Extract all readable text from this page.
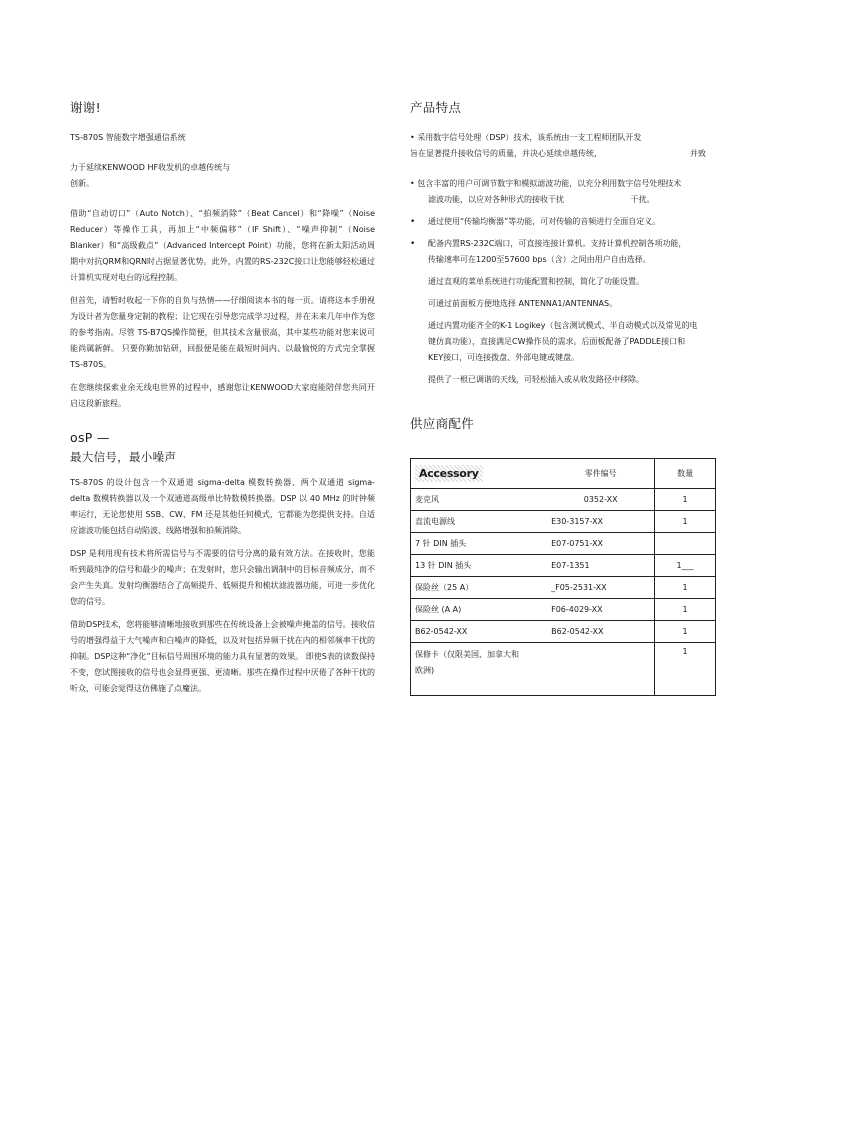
谢谢!

TS-870S 智能数字增强通信系统

力于延续KENWOOD HF收发机的卓越传统与

创新。

借助“自动切口”（Auto Notch）、“拍频消除”（Beat Cancel）和“降噪”（Noise Reducer）等操作工具，再加上“中频偏移”（IF Shift）、“噪声抑制”（Noise Blanker）和“高级截点”（Advanced Intercept Point）功能，您将在新太阳活动周期中对抗QRM和QRN时占据显著优势。此外，内置的RS-232C接口让您能够轻松通过计算机实现对电台的远程控制。

但首先，请暂时收起一下你的自负与热情——仔细阅读本书的每一页。请将这本手册视为设计者为您量身定制的教程；让它现在引导您完成学习过程，并在未来几年中作为您的参考指南。尽管 TS-B7QS操作简便，但其技术含量很高，其中某些功能对您来说可能尚属新鲜。 只要你勤加钻研，回报便是能在最短时间内、以最愉悦的方式完全掌握 TS-870S。

在您继续探索业余无线电世界的过程中，感谢您让KENWOOD大家庭能陪伴您共同开启这段新旅程。

osP —
最大信号，最小噪声

TS-870S 的设计包含一个双通道 sigma-delta 模数转换器、两个双通道 sigma-delta 数模转换器以及一个双通道高级单比特数模转换器。DSP 以 40 MHz 的时钟频率运行，无论您使用 SSB、CW、FM 还是其他任何模式，它都能为您提供支持。自适应滤波功能包括自动陷波、线路增强和拍频消除。

DSP 是利用现有技术将所需信号与不需要的信号分离的最有效方法。在接收时，您能听到最纯净的信号和最少的噪声；在发射时，您只会输出调制中的目标音频成分，而不会产生失真。发射均衡器结合了高频提升、低频提升和梳状滤波器功能，可进一步优化您的信号。

借助DSP技术，您将能够清晰地接收到那些在传统设备上会被噪声掩盖的信号。接收信号的增强得益于大气噪声和白噪声的降低，以及对包括异频干扰在内的相邻频率干扰的抑制。DSP这种“净化”目标信号周围环境的能力具有显著的效果。 即使S表的读数保持不变，您试图接收的信号也会显得更强、更清晰。那些在操作过程中厌倦了各种干扰的听众，可能会觉得这仿佛施了点魔法。

产品特点

• 采用数字信号处理（DSP）技术，该系统由一支工程师团队开发

旨在显著提升接收信号的质量，并决心延续卓越传统，	并致

• 包含丰富的用户可调节数字和模拟滤波功能，以充分利用数字信号处理技术

滤波功能，以应对各种形式的接收干扰	干扰。

•	通过使用“传输均衡器”等功能，可对传输的音频进行全面自定义。

•	配备内置RS-232C端口，可直接连接计算机。支持计算机控制各项功能，

传输速率可在1200至57600 bps（含）之间由用户自由选择。

通过直观的菜单系统进行功能配置和控制，简化了功能设置。

可通过前面板方便地选择 ANTENNA1/ANTENNAS。

通过内置功能齐全的K-1 Logikey（包含测试模式、半自动模式以及常见的电

键仿真功能），直接满足CW操作员的需求。后面板配备了PADDLE接口和

KEY接口，可连接拨盘、外部电键或键盘。

提供了一根已调谐的天线，可轻松插入或从收发路径中移除。

供应商配件
Accessory	零件编号	数量
麦克风	0352-XX	1
直流电源线	E30-3157-XX	1
7 针 DIN 插头	E07-0751-XX	
13 针 DIN 插头	E07-1351	1___
保险丝（25 A）	_F05-2531-XX	1
保险丝 (A A)	F06-4029-XX	1
B62-0542-XX	B62-0542-XX	1

保修卡（仅限美国、加拿大和
欧洲)		1
